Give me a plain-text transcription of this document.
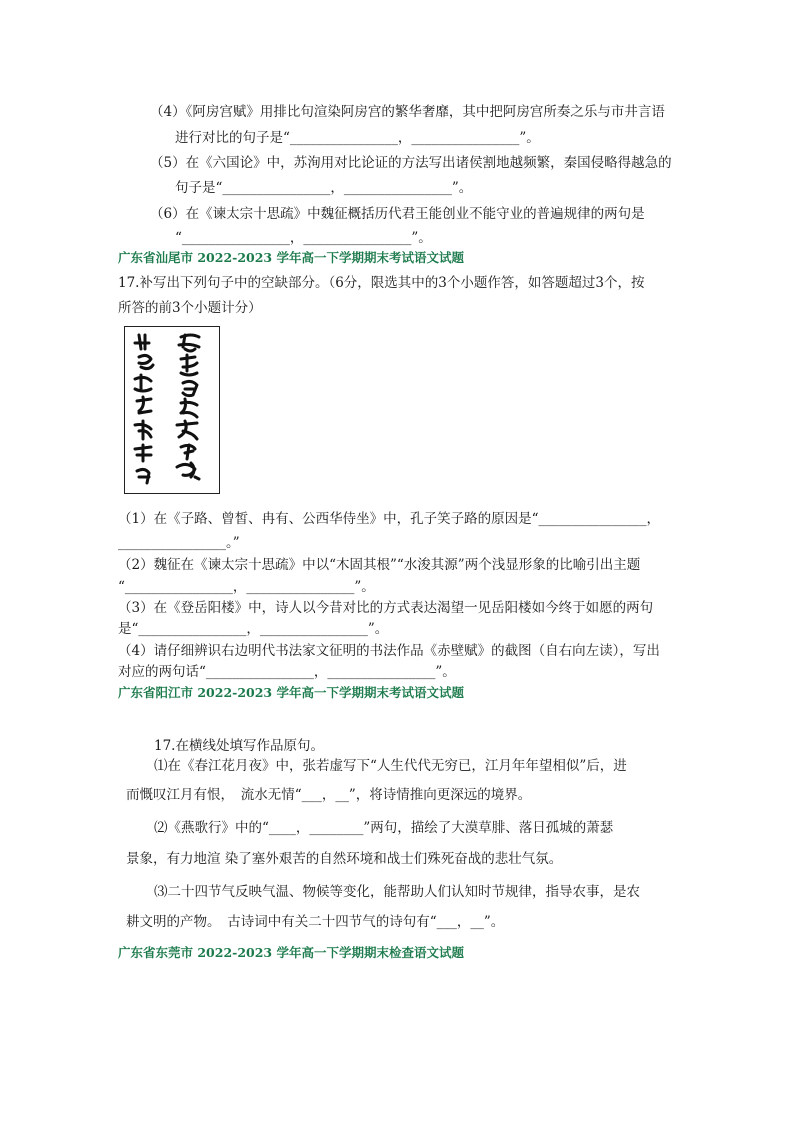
（4）《阿房宫赋》用排比句渲染阿房宫的繁华奢靡，其中把阿房宫所奏之乐与市井言语
进行对比的句子是“________________，________________”。
（5）在《六国论》中，苏洵用对比论证的方法写出诸侯割地越频繁，秦国侵略得越急的
句子是“________________，________________”。
（6）在《谏太宗十思疏》中魏征概括历代君王能创业不能守业的普遍规律的两句是
“________________，________________”。
广东省汕尾市 2022-2023 学年高一下学期期末考试语文试题
17.补写出下列句子中的空缺部分。（6分，限选其中的3个小题作答，如答题超过3个，按
所答的前3个小题计分）
（1）在《子路、曾皙、冉有、公西华侍坐》中，孔子笑子路的原因是“________________，
________________。”
（2）魏征在《谏太宗十思疏》中以“木固其根”“水浚其源”两个浅显形象的比喻引出主题
“________________，________________”。
（3）在《登岳阳楼》中，诗人以今昔对比的方式表达渴望一见岳阳楼如今终于如愿的两句
是“________________，________________”。
（4）请仔细辨识右边明代书法家文征明的书法作品《赤壁赋》的截图（自右向左读），写出
对应的两句话“________________，________________”。
广东省阳江市 2022-2023 学年高一下学期期末考试语文试题
17.在横线处填写作品原句。
⑴在《春江花月夜》中，张若虚写下“人生代代无穷已，江月年年望相似”后，进
而慨叹江月有恨，　流水无情“___，__”，将诗情推向更深远的境界。
⑵《燕歌行》中的“____，________”两句，描绘了大漠草腓、落日孤城的萧瑟
景象，有力地渲 染了塞外艰苦的自然环境和战士们殊死奋战的悲壮气氛。
⑶二十四节气反映气温、物候等变化，能帮助人们认知时节规律，指导农事，是农
耕文明的产物。　古诗词中有关二十四节气的诗句有“___，__”。
广东省东莞市 2022-2023 学年高一下学期期末检查语文试题
